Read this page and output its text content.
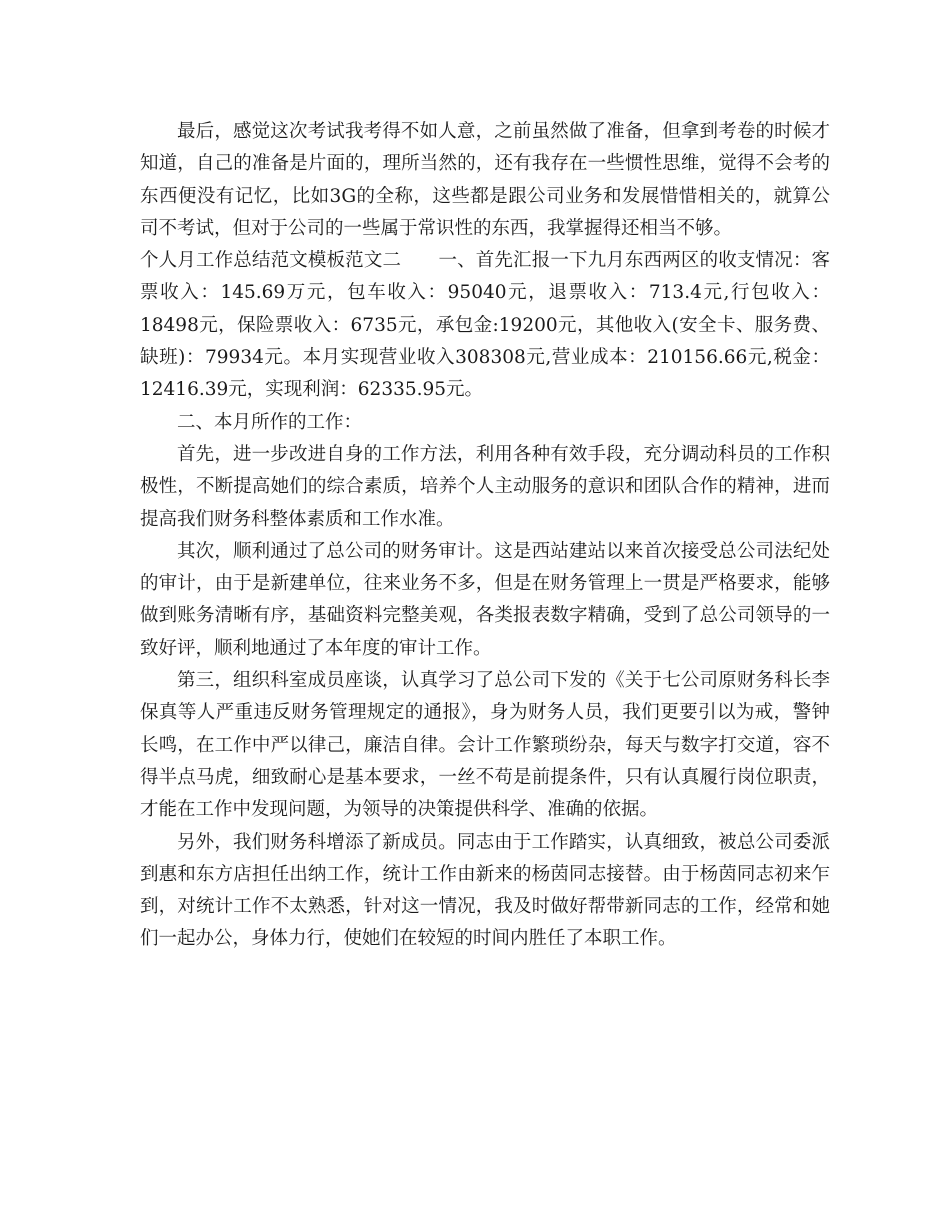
最后，感觉这次考试我考得不如人意，之前虽然做了准备，但拿到考卷的时候才知道，自己的准备是片面的，理所当然的，还有我存在一些惯性思维，觉得不会考的东西便没有记忆，比如3G的全称，这些都是跟公司业务和发展惜惜相关的，就算公司不考试，但对于公司的一些属于常识性的东西，我掌握得还相当不够。

个人月工作总结范文模板范文二　　一、首先汇报一下九月东西两区的收支情况：客票收入：145.69万元，包车收入：95040元，退票收入：713.4元,行包收入：18498元，保险票收入：6735元，承包金:19200元，其他收入(安全卡、服务费、缺班)：79934元。本月实现营业收入308308元,营业成本：210156.66元,税金：12416.39元，实现利润：62335.95元。

二、本月所作的工作：

首先，进一步改进自身的工作方法，利用各种有效手段，充分调动科员的工作积极性，不断提高她们的综合素质，培养个人主动服务的意识和团队合作的精神，进而提高我们财务科整体素质和工作水准。

其次，顺利通过了总公司的财务审计。这是西站建站以来首次接受总公司法纪处的审计，由于是新建单位，往来业务不多，但是在财务管理上一贯是严格要求，能够做到账务清晰有序，基础资料完整美观，各类报表数字精确，受到了总公司领导的一致好评，顺利地通过了本年度的审计工作。

第三，组织科室成员座谈，认真学习了总公司下发的《关于七公司原财务科长李保真等人严重违反财务管理规定的通报》，身为财务人员，我们更要引以为戒，警钟长鸣，在工作中严以律己，廉洁自律。会计工作繁琐纷杂，每天与数字打交道，容不得半点马虎，细致耐心是基本要求，一丝不苟是前提条件，只有认真履行岗位职责，才能在工作中发现问题，为领导的决策提供科学、准确的依据。

另外，我们财务科增添了新成员。同志由于工作踏实，认真细致，被总公司委派到惠和东方店担任出纳工作，统计工作由新来的杨茵同志接替。由于杨茵同志初来乍到，对统计工作不太熟悉，针对这一情况，我及时做好帮带新同志的工作，经常和她们一起办公，身体力行，使她们在较短的时间内胜任了本职工作。
